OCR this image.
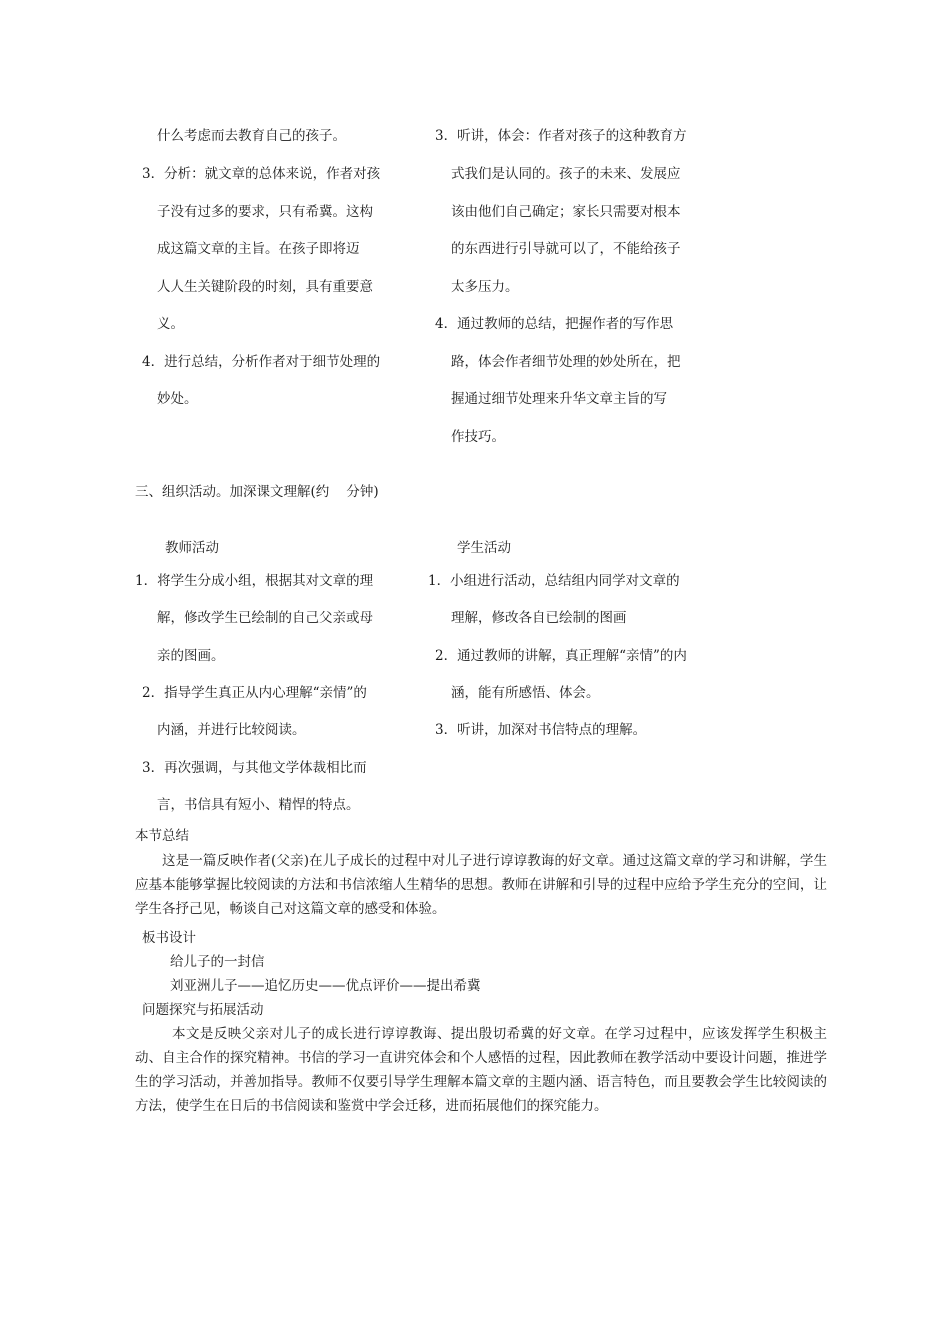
什么考虑而去教育自己的孩子。

3．分析：就文章的总体来说，作者对孩

子没有过多的要求，只有希冀。这构

成这篇文章的主旨。在孩子即将迈

人人生关键阶段的时刻，具有重要意

义。

4．进行总结，分析作者对于细节处理的

妙处。

3．听讲，体会：作者对孩子的这种教育方

式我们是认同的。孩子的未来、发展应

该由他们自己确定；家长只需要对根本

的东西进行引导就可以了，不能给孩子

太多压力。

4．通过教师的总结，把握作者的写作思

路，体会作者细节处理的妙处所在，把

握通过细节处理来升华文章主旨的写

作技巧。

三、组织活动。加深课文理解(约    分钟)

教师活动	学生活动

1．将学生分成小组，根据其对文章的理

解，修改学生已绘制的自己父亲或母

亲的图画。

2．指导学生真正从内心理解“亲情”的

内涵，并进行比较阅读。

3．再次强调，与其他文学体裁相比而

言，书信具有短小、精悍的特点。

1．小组进行活动，总结组内同学对文章的

理解，修改各自已绘制的图画

2．通过教师的讲解，真正理解“亲情”的内

涵，能有所感悟、体会。

3．听讲，加深对书信特点的理解。

本节总结

这是一篇反映作者(父亲)在儿子成长的过程中对儿子进行谆谆教诲的好文章。通过这篇文章的学习和讲解，学生应基本能够掌握比较阅读的方法和书信浓缩人生精华的思想。教师在讲解和引导的过程中应给予学生充分的空间，让学生各抒己见，畅谈自己对这篇文章的感受和体验。

板书设计

给儿子的一封信

刘亚洲儿子——追忆历史——优点评价——提出希冀

问题探究与拓展活动

本文是反映父亲对儿子的成长进行谆谆教诲、提出殷切希冀的好文章。在学习过程中，应该发挥学生积极主动、自主合作的探究精神。书信的学习一直讲究体会和个人感悟的过程，因此教师在教学活动中要设计问题，推进学生的学习活动，并善加指导。教师不仅要引导学生理解本篇文章的主题内涵、语言特色，而且要教会学生比较阅读的方法，使学生在日后的书信阅读和鉴赏中学会迁移，进而拓展他们的探究能力。
